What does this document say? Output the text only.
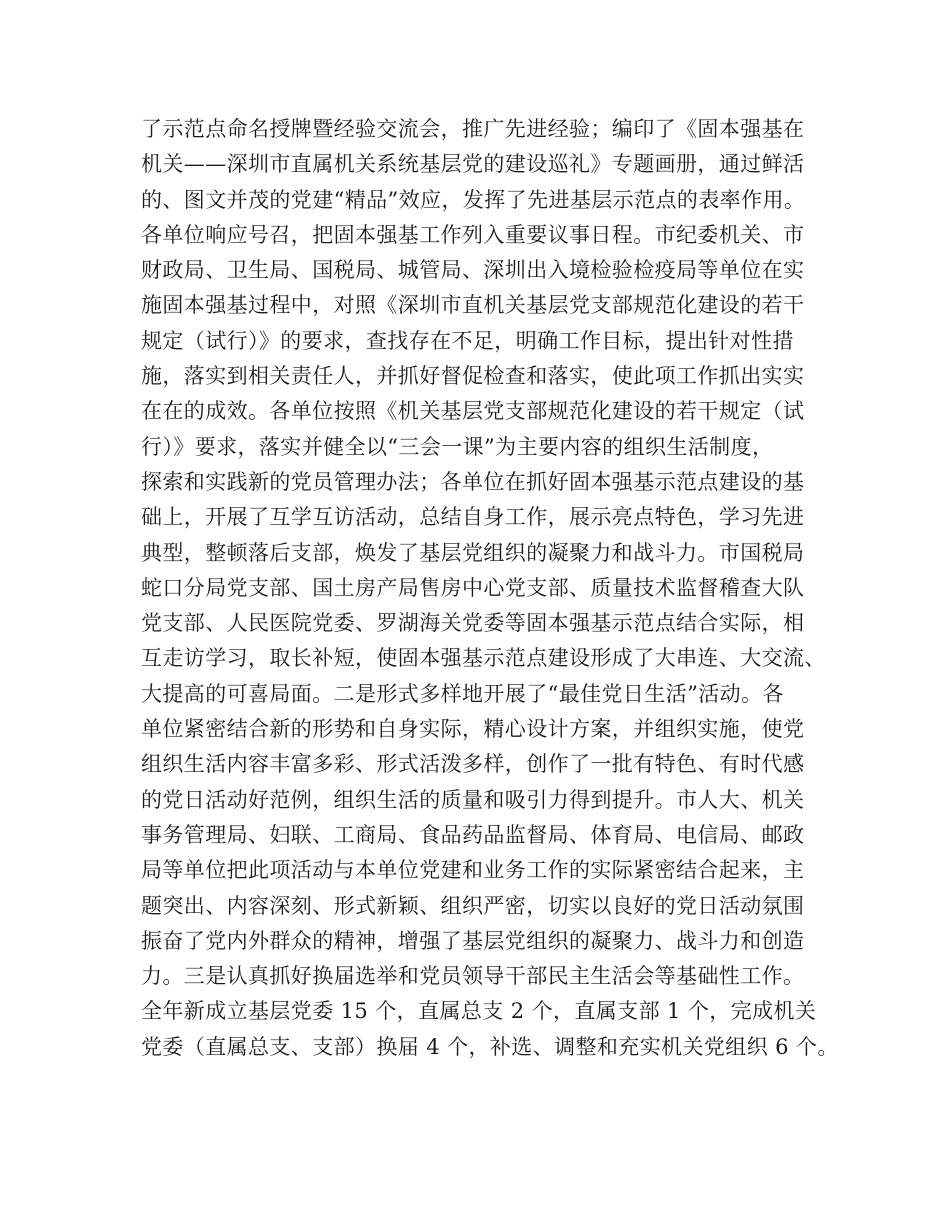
了示范点命名授牌暨经验交流会，推广先进经验；编印了《固本强基在
机关——深圳市直属机关系统基层党的建设巡礼》专题画册，通过鲜活
的、图文并茂的党建“精品”效应，发挥了先进基层示范点的表率作用。
各单位响应号召，把固本强基工作列入重要议事日程。市纪委机关、市
财政局、卫生局、国税局、城管局、深圳出入境检验检疫局等单位在实
施固本强基过程中，对照《深圳市直机关基层党支部规范化建设的若干
规定（试行）》的要求，查找存在不足，明确工作目标，提出针对性措
施，落实到相关责任人，并抓好督促检查和落实，使此项工作抓出实实
在在的成效。各单位按照《机关基层党支部规范化建设的若干规定（试
行）》要求，落实并健全以“三会一课”为主要内容的组织生活制度，
探索和实践新的党员管理办法；各单位在抓好固本强基示范点建设的基
础上，开展了互学互访活动，总结自身工作，展示亮点特色，学习先进
典型，整顿落后支部，焕发了基层党组织的凝聚力和战斗力。市国税局
蛇口分局党支部、国土房产局售房中心党支部、质量技术监督稽查大队
党支部、人民医院党委、罗湖海关党委等固本强基示范点结合实际，相
互走访学习，取长补短，使固本强基示范点建设形成了大串连、大交流、
大提高的可喜局面。二是形式多样地开展了“最佳党日生活”活动。各
单位紧密结合新的形势和自身实际，精心设计方案，并组织实施，使党
组织生活内容丰富多彩、形式活泼多样，创作了一批有特色、有时代感
的党日活动好范例，组织生活的质量和吸引力得到提升。市人大、机关
事务管理局、妇联、工商局、食品药品监督局、体育局、电信局、邮政
局等单位把此项活动与本单位党建和业务工作的实际紧密结合起来，主
题突出、内容深刻、形式新颖、组织严密，切实以良好的党日活动氛围
振奋了党内外群众的精神，增强了基层党组织的凝聚力、战斗力和创造
力。三是认真抓好换届选举和党员领导干部民主生活会等基础性工作。
全年新成立基层党委 15 个，直属总支 2 个，直属支部 1 个，完成机关
党委（直属总支、支部）换届 4 个，补选、调整和充实机关党组织 6 个。
